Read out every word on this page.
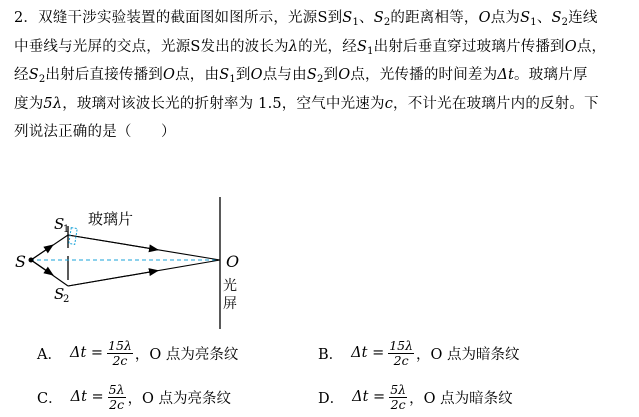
2．双缝干涉实验装置的截面图如图所示，光源S到$S_1$、$S_2$的距离相等，O点为$S_1$、$S_2$连线

中垂线与光屏的交点，光源S发出的波长为λ的光，经$S_1$出射后垂直穿过玻璃片传播到O点，

经$S_2$出射后直接传播到O点，由$S_1$到O点与由$S_2$到O点，光传播的时间差为Δt。玻璃片厚

度为5λ，玻璃对该波长光的折射率为 1.5，空气中光速为c，不计光在玻璃片内的反射。下

列说法正确的是（　　）

S
S
1
S
2
玻璃片
O
光
屏
A． $\Delta t = \frac{15\lambda}{2c}$ ，O 点为亮条纹	B． $\Delta t = \frac{15\lambda}{2c}$ ，O 点为暗条纹
C． $\Delta t = \frac{5\lambda}{2c}$ ，O 点为亮条纹	D． $\Delta t = \frac{5\lambda}{2c}$ ，O 点为暗条纹
